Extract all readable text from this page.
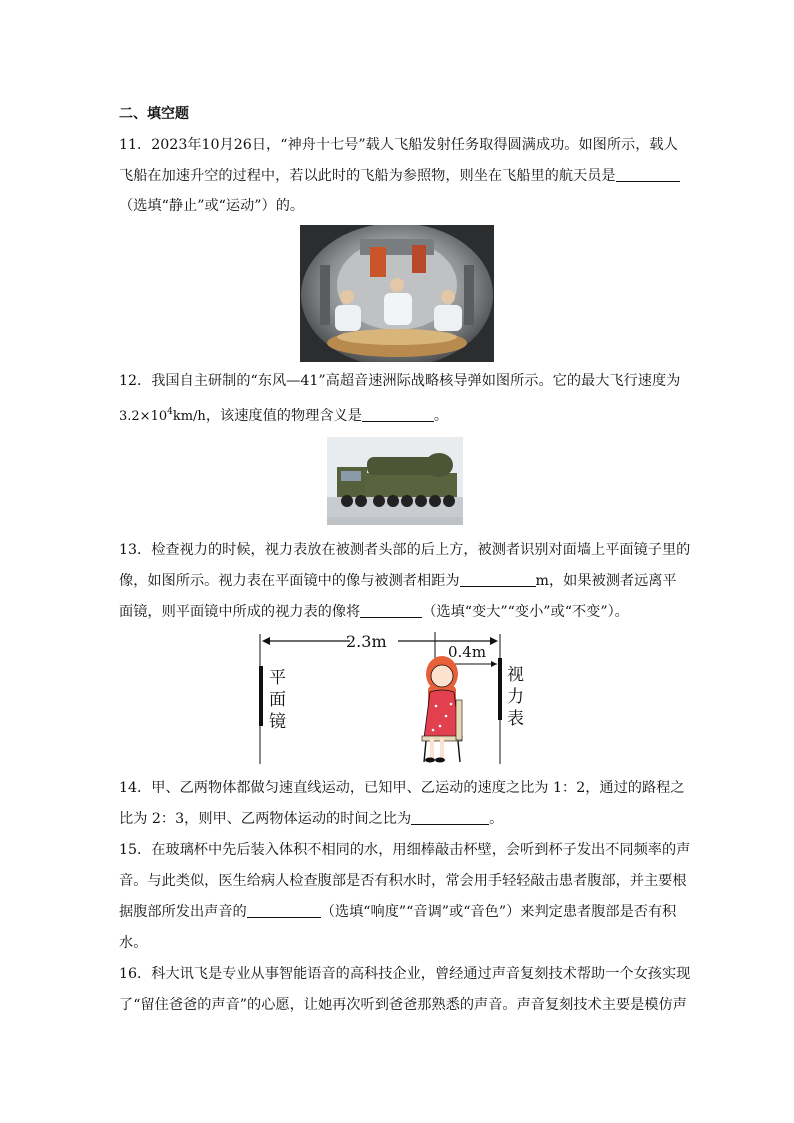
二、填空题
11．2023年10月26日，“神舟十七号”载人飞船发射任务取得圆满成功。如图所示，载人
飞船在加速升空的过程中，若以此时的飞船为参照物，则坐在飞船里的航天员是
（选填“静止”或“运动”）的。
12．我国自主研制的“东风—41”高超音速洲际战略核导弹如图所示。它的最大飞行速度为
$3.2\times 10^4km/h$，该速度值的物理含义是	。
13．检查视力的时候，视力表放在被测者头部的后上方，被测者识别对面墙上平面镜子里的
像，如图所示。视力表在平面镜中的像与被测者相距为	m，如果被测者远离平
面镜，则平面镜中所成的视力表的像将	（选填“变大”“变小”或“不变”）。
2.3m
0.4m
平
面
镜
视
力
表
14．甲、乙两物体都做匀速直线运动，已知甲、乙运动的速度之比为 1：2，通过的路程之
比为 2：3，则甲、乙两物体运动的时间之比为	。
15．在玻璃杯中先后装入体积不相同的水，用细棒敲击杯壁，会听到杯子发出不同频率的声
音。与此类似，医生给病人检查腹部是否有积水时，常会用手轻轻敲击患者腹部，并主要根
据腹部所发出声音的	（选填“响度”“音调”或“音色”）来判定患者腹部是否有积
水。
16．科大讯飞是专业从事智能语音的高科技企业，曾经通过声音复刻技术帮助一个女孩实现
了“留住爸爸的声音”的心愿，让她再次听到爸爸那熟悉的声音。声音复刻技术主要是模仿声
